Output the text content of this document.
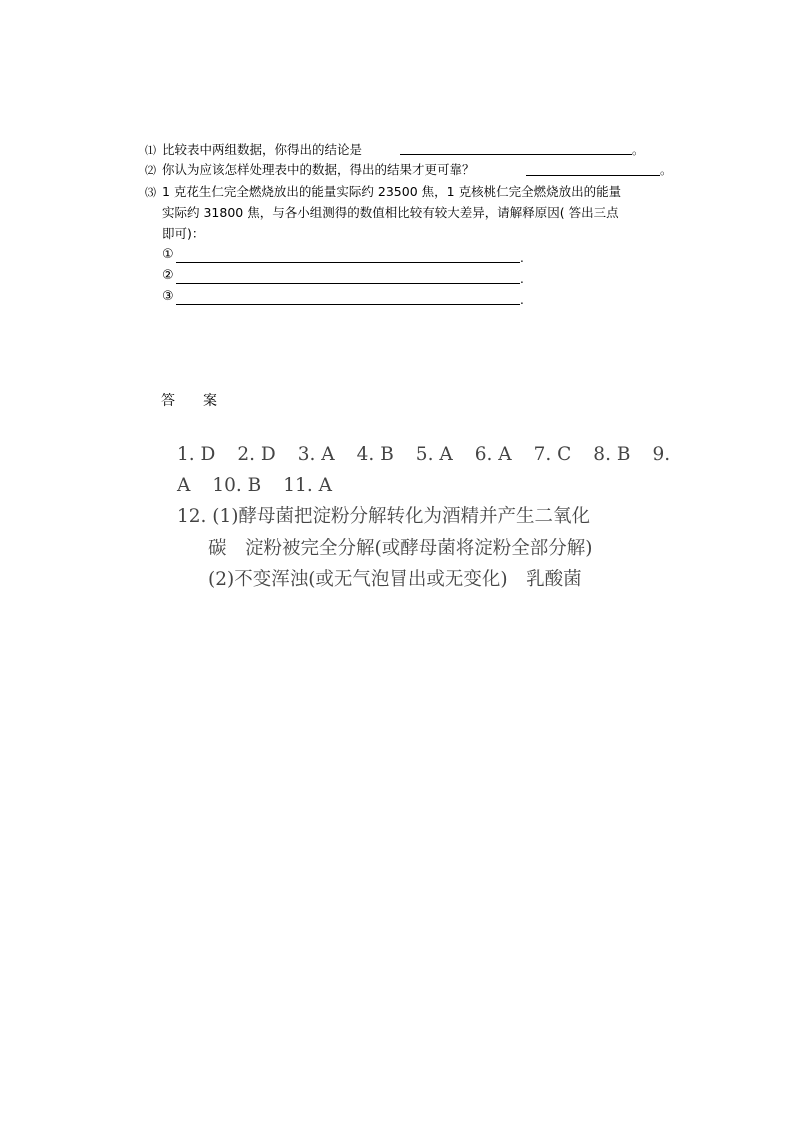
⑴ 比较表中两组数据，你得出的结论是	。
⑵ 你认为应该怎样处理表中的数据，得出的结果才更可靠？	。
⑶ 1 克花生仁完全燃烧放出的能量实际约 23500 焦，1 克核桃仁完全燃烧放出的能量
实际约 31800 焦，与各小组测得的数值相比较有较大差异，请解释原因( 答出三点
即可)：
①	.
②	.
③	.
答 案
1. D 2. D 3. A 4. B 5. A 6. A 7. C 8. B 9.
A 10. B 11. A
12. (1)酵母菌把淀粉分解转化为酒精并产生二氧化
碳　淀粉被完全分解(或酵母菌将淀粉全部分解)
(2)不变浑浊(或无气泡冒出或无变化)　乳酸菌
